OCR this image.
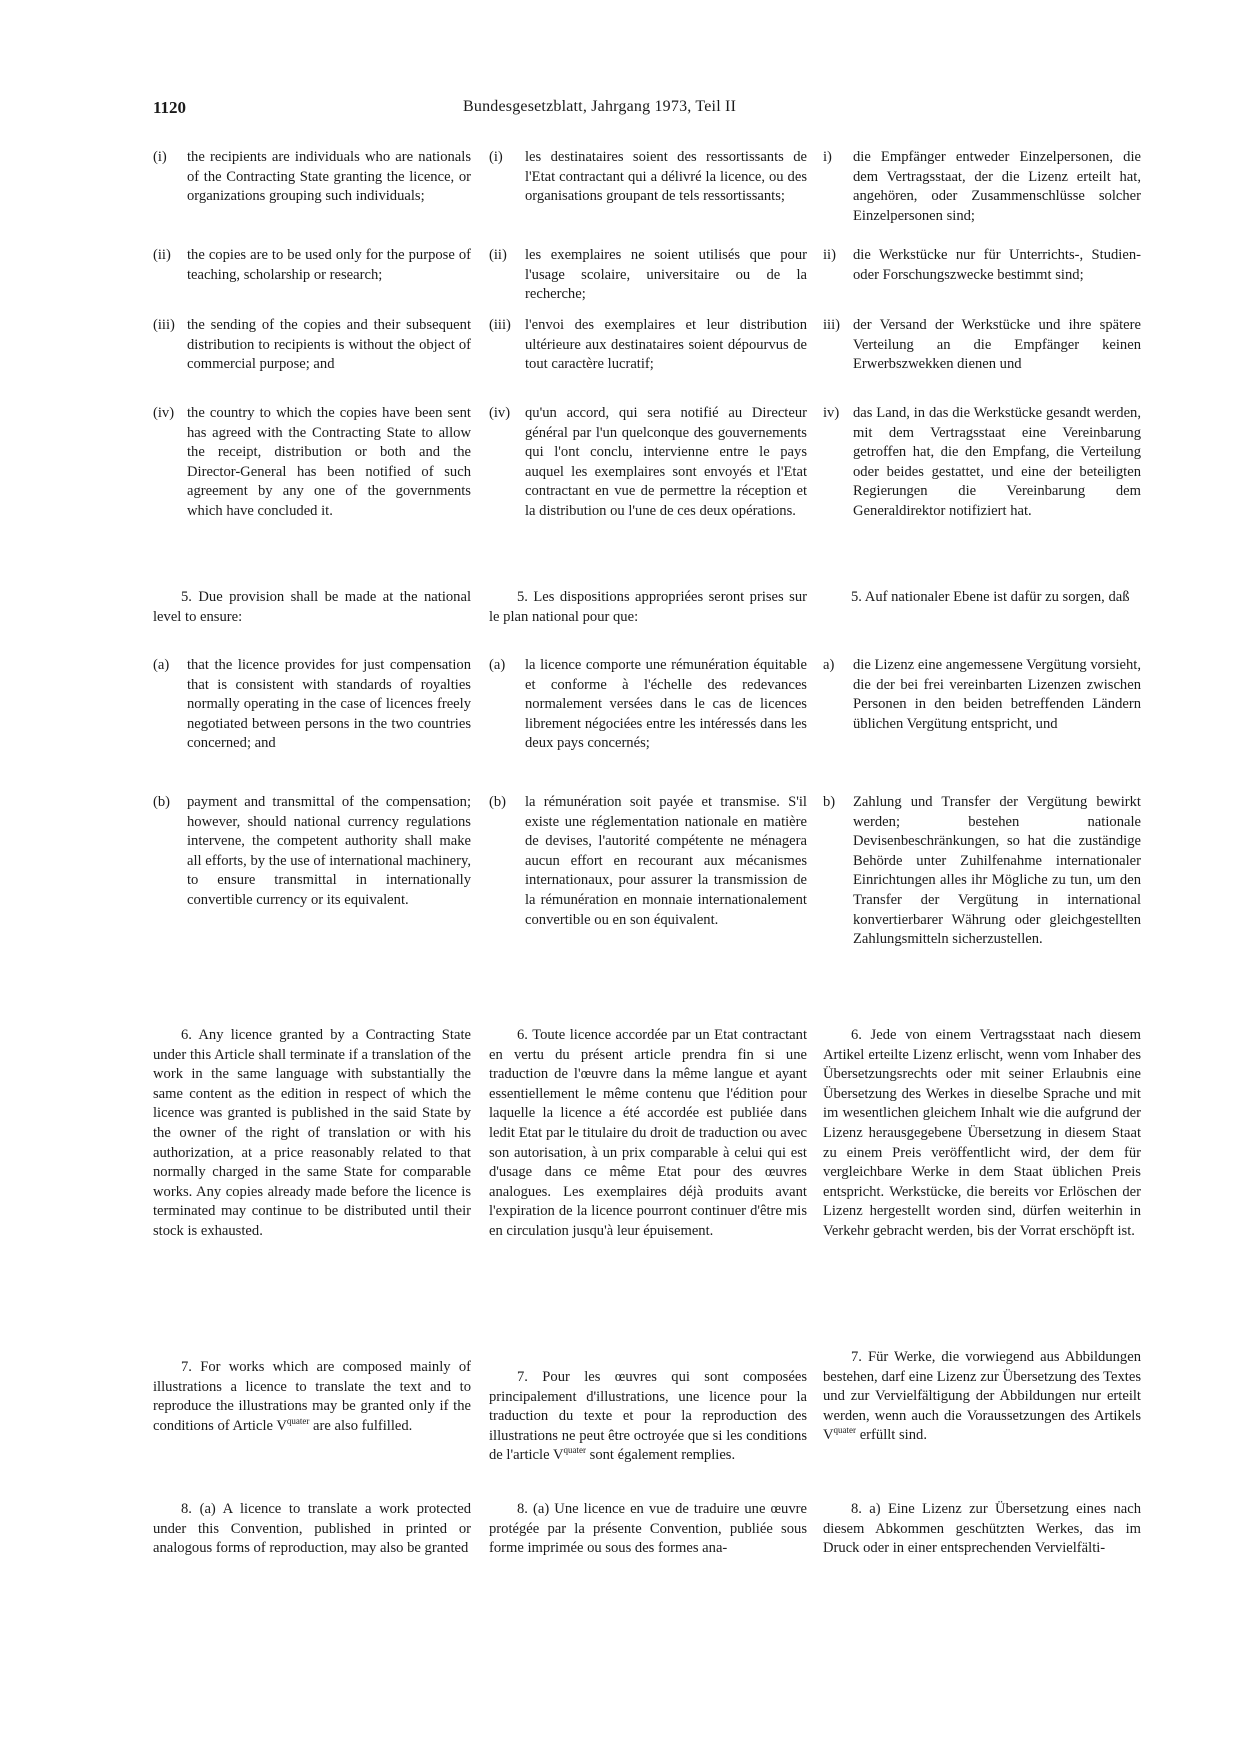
1120	Bundesgesetzblatt, Jahrgang 1973, Teil II
(i) the recipients are individuals who are nationals of the Contracting State granting the licence, or organizations grouping such individuals;
(ii) the copies are to be used only for the purpose of teaching, scholarship or research;
(iii) the sending of the copies and their subsequent distribution to recipients is without the object of commercial purpose; and
(iv) the country to which the copies have been sent has agreed with the Contracting State to allow the receipt, distribution or both and the Director-General has been notified of such agreement by any one of the governments which have concluded it.

5. Due provision shall be made at the national level to ensure:

(a) that the licence provides for just compensation that is consistent with standards of royalties normally operating in the case of licences freely negotiated between persons in the two countries concerned; and
(b) payment and transmittal of the compensation; however, should national currency regulations intervene, the competent authority shall make all efforts, by the use of international machinery, to ensure transmittal in internationally convertible currency or its equivalent.

6. Any licence granted by a Contracting State under this Article shall terminate if a translation of the work in the same language with substantially the same content as the edition in respect of which the licence was granted is published in the said State by the owner of the right of translation or with his authorization, at a price reasonably related to that normally charged in the same State for comparable works. Any copies already made before the licence is terminated may continue to be distributed until their stock is exhausted.

7. For works which are composed mainly of illustrations a licence to translate the text and to reproduce the illustrations may be granted only if the conditions of Article $V^{quater}$ are also fulfilled.

8. (a) A licence to translate a work protected under this Convention, published in printed or analogous forms of reproduction, may also be granted

(i) les destinataires soient des ressortissants de l'Etat contractant qui a délivré la licence, ou des organisations groupant de tels ressortissants;
(ii) les exemplaires ne soient utilisés que pour l'usage scolaire, universitaire ou de la recherche;
(iii) l'envoi des exemplaires et leur distribution ultérieure aux destinataires soient dépourvus de tout caractère lucratif;
(iv) qu'un accord, qui sera notifié au Directeur général par l'un quelconque des gouvernements qui l'ont conclu, intervienne entre le pays auquel les exemplaires sont envoyés et l'Etat contractant en vue de permettre la réception et la distribution ou l'une de ces deux opérations.

5. Les dispositions appropriées seront prises sur le plan national pour que:

(a) la licence comporte une rémunération équitable et conforme à l'échelle des redevances normalement versées dans le cas de licences librement négociées entre les intéressés dans les deux pays concernés;
(b) la rémunération soit payée et transmise. S'il existe une réglementation nationale en matière de devises, l'autorité compétente ne ménagera aucun effort en recourant aux mécanismes internationaux, pour assurer la transmission de la rémunération en monnaie internationalement convertible ou en son équivalent.

6. Toute licence accordée par un Etat contractant en vertu du présent article prendra fin si une traduction de l'œuvre dans la même langue et ayant essentiellement le même contenu que l'édition pour laquelle la licence a été accordée est publiée dans ledit Etat par le titulaire du droit de traduction ou avec son autorisation, à un prix comparable à celui qui est d'usage dans ce même Etat pour des œuvres analogues. Les exemplaires déjà produits avant l'expiration de la licence pourront continuer d'être mis en circulation jusqu'à leur épuisement.

7. Pour les œuvres qui sont composées principalement d'illustrations, une licence pour la traduction du texte et pour la reproduction des illustrations ne peut être octroyée que si les conditions de l'article $V^{quater}$ sont également remplies.

8. (a) Une licence en vue de traduire une œuvre protégée par la présente Convention, publiée sous forme imprimée ou sous des formes ana-

i) die Empfänger entweder Einzelpersonen, die dem Vertragsstaat, der die Lizenz erteilt hat, angehören, oder Zusammenschlüsse solcher Einzelpersonen sind;
ii) die Werkstücke nur für Unterrichts-, Studien- oder Forschungszwecke bestimmt sind;
iii) der Versand der Werkstücke und ihre spätere Verteilung an die Empfänger keinen Erwerbszwekken dienen und
iv) das Land, in das die Werkstücke gesandt werden, mit dem Vertragsstaat eine Vereinbarung getroffen hat, die den Empfang, die Verteilung oder beides gestattet, und eine der beteiligten Regierungen die Vereinbarung dem Generaldirektor notifiziert hat.

5. Auf nationaler Ebene ist dafür zu sorgen, daß

a) die Lizenz eine angemessene Vergütung vorsieht, die der bei frei vereinbarten Lizenzen zwischen Personen in den beiden betreffenden Ländern üblichen Vergütung entspricht, und
b) Zahlung und Transfer der Vergütung bewirkt werden; bestehen nationale Devisenbeschränkungen, so hat die zuständige Behörde unter Zuhilfenahme internationaler Einrichtungen alles ihr Mögliche zu tun, um den Transfer der Vergütung in international konvertierbarer Währung oder gleichgestellten Zahlungsmitteln sicherzustellen.

6. Jede von einem Vertragsstaat nach diesem Artikel erteilte Lizenz erlischt, wenn vom Inhaber des Übersetzungsrechts oder mit seiner Erlaubnis eine Übersetzung des Werkes in dieselbe Sprache und mit im wesentlichen gleichem Inhalt wie die aufgrund der Lizenz herausgegebene Übersetzung in diesem Staat zu einem Preis veröffentlicht wird, der dem für vergleichbare Werke in dem Staat üblichen Preis entspricht. Werkstücke, die bereits vor Erlöschen der Lizenz hergestellt worden sind, dürfen weiterhin in Verkehr gebracht werden, bis der Vorrat erschöpft ist.

7. Für Werke, die vorwiegend aus Abbildungen bestehen, darf eine Lizenz zur Übersetzung des Textes und zur Vervielfältigung der Abbildungen nur erteilt werden, wenn auch die Voraussetzungen des Artikels $V^{quater}$ erfüllt sind.

8. a) Eine Lizenz zur Übersetzung eines nach diesem Abkommen geschützten Werkes, das im Druck oder in einer entsprechenden Vervielfälti-
